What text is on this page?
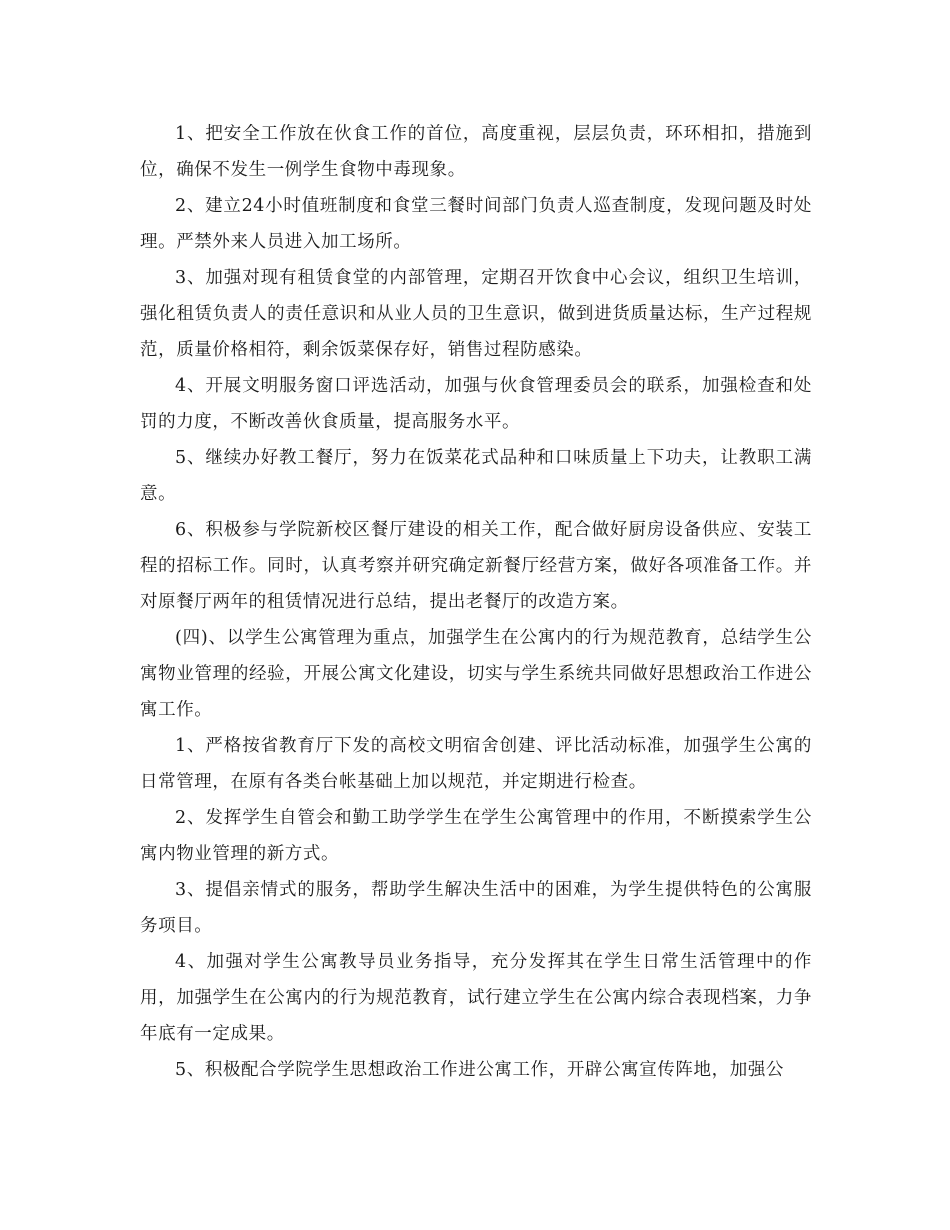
1、把安全工作放在伙食工作的首位，高度重视，层层负责，环环相扣，措施到位，确保不发生一例学生食物中毒现象。

2、建立24小时值班制度和食堂三餐时间部门负责人巡查制度，发现问题及时处理。严禁外来人员进入加工场所。

3、加强对现有租赁食堂的内部管理，定期召开饮食中心会议，组织卫生培训，强化租赁负责人的责任意识和从业人员的卫生意识，做到进货质量达标，生产过程规范，质量价格相符，剩余饭菜保存好，销售过程防感染。

4、开展文明服务窗口评选活动，加强与伙食管理委员会的联系，加强检查和处罚的力度，不断改善伙食质量，提高服务水平。

5、继续办好教工餐厅，努力在饭菜花式品种和口味质量上下功夫，让教职工满意。

6、积极参与学院新校区餐厅建设的相关工作，配合做好厨房设备供应、安装工程的招标工作。同时，认真考察并研究确定新餐厅经营方案，做好各项准备工作。并对原餐厅两年的租赁情况进行总结，提出老餐厅的改造方案。

(四)、以学生公寓管理为重点，加强学生在公寓内的行为规范教育，总结学生公寓物业管理的经验，开展公寓文化建设，切实与学生系统共同做好思想政治工作进公寓工作。

1、严格按省教育厅下发的高校文明宿舍创建、评比活动标准，加强学生公寓的日常管理，在原有各类台帐基础上加以规范，并定期进行检查。

2、发挥学生自管会和勤工助学学生在学生公寓管理中的作用，不断摸索学生公寓内物业管理的新方式。

3、提倡亲情式的服务，帮助学生解决生活中的困难，为学生提供特色的公寓服务项目。

4、加强对学生公寓教导员业务指导，充分发挥其在学生日常生活管理中的作用，加强学生在公寓内的行为规范教育，试行建立学生在公寓内综合表现档案，力争年底有一定成果。

5、积极配合学院学生思想政治工作进公寓工作，开辟公寓宣传阵地，加强公
